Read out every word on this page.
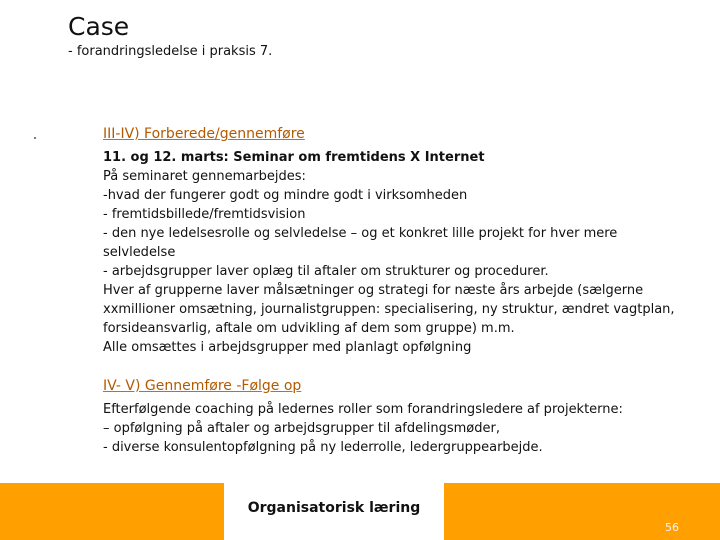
Case
- forandringsledelse i praksis 7.
III-IV) Forberede/gennemføre
11. og 12. marts: Seminar om fremtidens X Internet
På seminaret gennemarbejdes:
-hvad der fungerer godt og mindre godt i virksomheden
- fremtidsbillede/fremtidsvision
- den nye ledelsesrolle og selvledelse – og et konkret lille projekt for hver mere
selvledelse
- arbejdsgrupper laver oplæg til aftaler om strukturer og procedurer.
Hver af grupperne laver målsætninger og strategi for næste års arbejde (sælgerne
xxmillioner omsætning, journalistgruppen: specialisering, ny struktur, ændret vagtplan,
forsideansvarlig, aftale om udvikling af dem som gruppe) m.m.
Alle omsættes i arbejdsgrupper med planlagt opfølgning
IV- V) Gennemføre -Følge op
Efterfølgende coaching på ledernes roller som forandringsledere af projekterne:
– opfølgning på aftaler og arbejdsgrupper til afdelingsmøder,
- diverse konsulentopfølgning på ny lederrolle, ledergruppearbejde.
Organisatorisk læring
56
